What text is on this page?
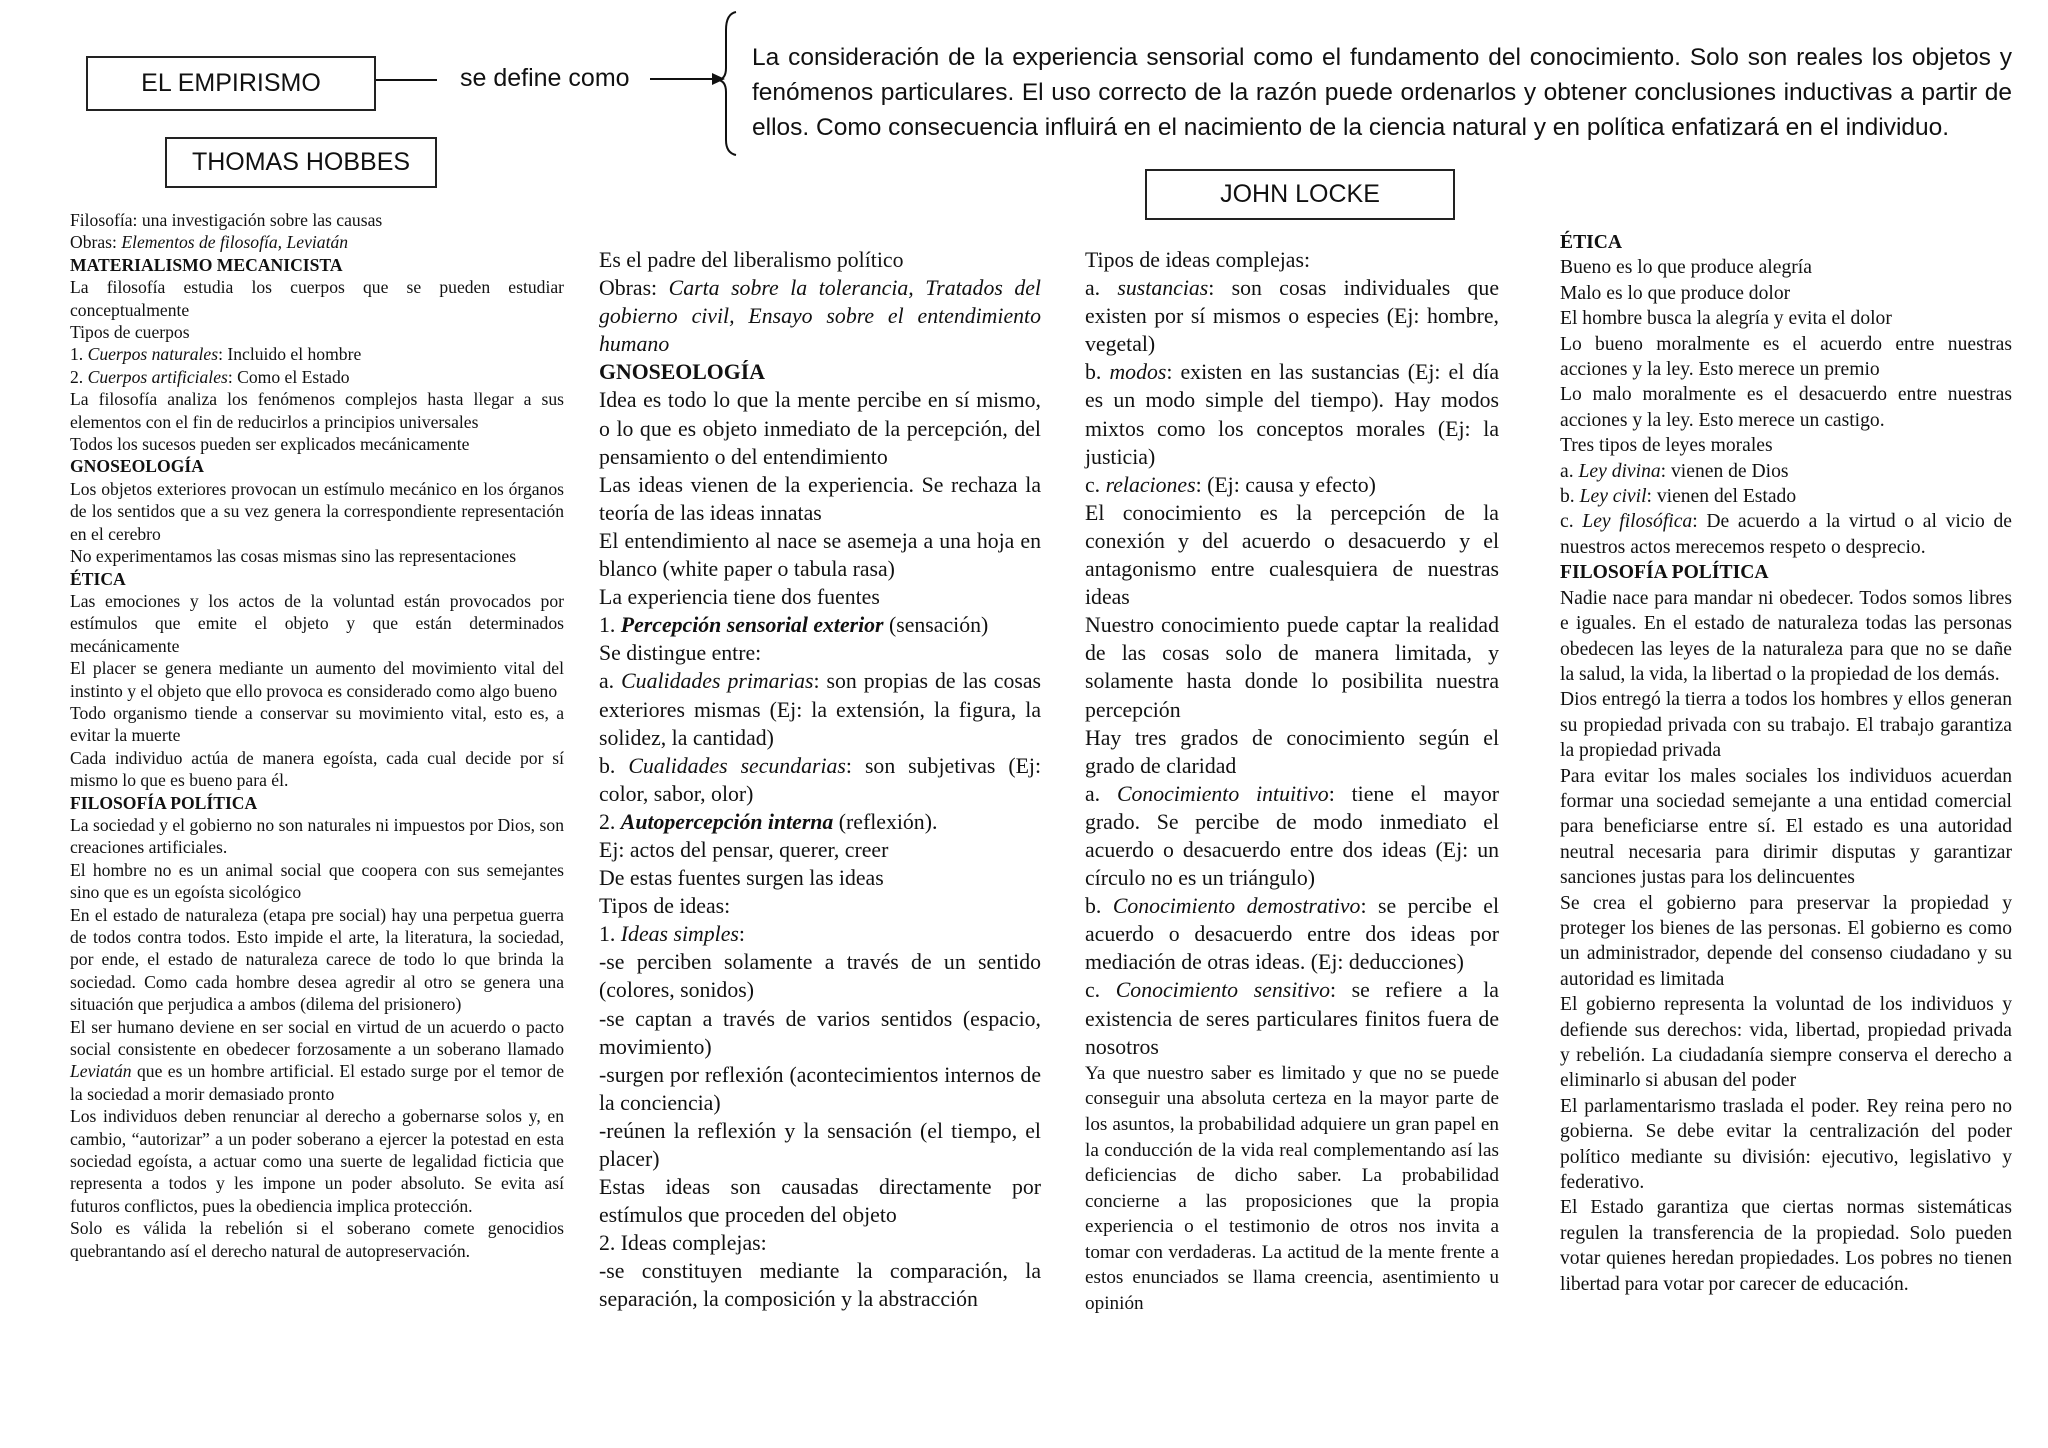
EL EMPIRISMO	se define como
La consideración de la experiencia sensorial como el fundamento del conocimiento. Solo son reales los objetos y fenómenos particulares. El uso correcto de la razón puede ordenarlos y obtener conclusiones inductivas a partir de ellos. Como consecuencia influirá en el nacimiento de la ciencia natural y en política enfatizará en el individuo.
THOMAS HOBBES
JOHN LOCKE

Filosofía: una investigación sobre las causas

Obras: Elementos de filosofía, Leviatán

MATERIALISMO MECANICISTA

La filosofía estudia los cuerpos que se pueden estudiar conceptualmente

Tipos de cuerpos

1. Cuerpos naturales: Incluido el hombre

2. Cuerpos artificiales: Como el Estado

La filosofía analiza los fenómenos complejos hasta llegar a sus elementos con el fin de reducirlos a principios universales

Todos los sucesos pueden ser explicados mecánicamente

GNOSEOLOGÍA

Los objetos exteriores provocan un estímulo mecánico en los órganos de los sentidos que a su vez genera la correspondiente representación en el cerebro

No experimentamos las cosas mismas sino las representaciones

ÉTICA

Las emociones y los actos de la voluntad están provocados por estímulos que emite el objeto y que están determinados mecánicamente

El placer se genera mediante un aumento del movimiento vital del instinto y el objeto que ello provoca es considerado como algo bueno

Todo organismo tiende a conservar su movimiento vital, esto es, a evitar la muerte

Cada individuo actúa de manera egoísta, cada cual decide por sí mismo lo que es bueno para él.

FILOSOFÍA POLÍTICA

La sociedad y el gobierno no son naturales ni impuestos por Dios, son creaciones artificiales.

El hombre no es un animal social que coopera con sus semejantes sino que es un egoísta sicológico

En el estado de naturaleza (etapa pre social) hay una perpetua guerra de todos contra todos. Esto impide el arte, la literatura, la sociedad, por ende, el estado de naturaleza carece de todo lo que brinda la sociedad. Como cada hombre desea agredir al otro se genera una situación que perjudica a ambos (dilema del prisionero)

El ser humano deviene en ser social en virtud de un acuerdo o pacto social consistente en obedecer forzosamente a un soberano llamado Leviatán que es un hombre artificial. El estado surge por el temor de la sociedad a morir demasiado pronto

Los individuos deben renunciar al derecho a gobernarse solos y, en cambio, “autorizar” a un poder soberano a ejercer la potestad en esta sociedad egoísta, a actuar como una suerte de legalidad ficticia que representa a todos y les impone un poder absoluto. Se evita así futuros conflictos, pues la obediencia implica protección.

Solo es válida la rebelión si el soberano comete genocidios quebrantando así el derecho natural de autopreservación.

Es el padre del liberalismo político

Obras: Carta sobre la tolerancia, Tratados del gobierno civil, Ensayo sobre el entendimiento humano

GNOSEOLOGÍA

Idea es todo lo que la mente percibe en sí mismo, o lo que es objeto inmediato de la percepción, del pensamiento o del entendimiento

Las ideas vienen de la experiencia. Se rechaza la teoría de las ideas innatas

El entendimiento al nace se asemeja a una hoja en blanco (white paper o tabula rasa)

La experiencia tiene dos fuentes

1. Percepción sensorial exterior (sensación)

Se distingue entre:

a. Cualidades primarias: son propias de las cosas exteriores mismas (Ej: la extensión, la figura, la solidez, la cantidad)

b. Cualidades secundarias: son subjetivas (Ej: color, sabor, olor)

2. Autopercepción interna (reflexión).

Ej: actos del pensar, querer, creer

De estas fuentes surgen las ideas

Tipos de ideas:

1. Ideas simples:

-se perciben solamente a través de un sentido (colores, sonidos)

-se captan a través de varios sentidos (espacio, movimiento)

-surgen por reflexión (acontecimientos internos de la conciencia)

-reúnen la reflexión y la sensación (el tiempo, el placer)

Estas ideas son causadas directamente por estímulos que proceden del objeto

2. Ideas complejas:

-se constituyen mediante la comparación, la separación, la composición y la abstracción

Tipos de ideas complejas:

a. sustancias: son cosas individuales que existen por sí mismos o especies (Ej: hombre, vegetal)

b. modos: existen en las sustancias (Ej: el día es un modo simple del tiempo). Hay modos mixtos como los conceptos morales (Ej: la justicia)

c. relaciones: (Ej: causa y efecto)

El conocimiento es la percepción de la conexión y del acuerdo o desacuerdo y el antagonismo entre cualesquiera de nuestras ideas

Nuestro conocimiento puede captar la realidad de las cosas solo de manera limitada, y solamente hasta donde lo posibilita nuestra percepción

Hay tres grados de conocimiento según el grado de claridad

a. Conocimiento intuitivo: tiene el mayor grado. Se percibe de modo inmediato el acuerdo o desacuerdo entre dos ideas (Ej: un círculo no es un triángulo)

b. Conocimiento demostrativo: se percibe el acuerdo o desacuerdo entre dos ideas por mediación de otras ideas. (Ej: deducciones)

c. Conocimiento sensitivo: se refiere a la existencia de seres particulares finitos fuera de nosotros

Ya que nuestro saber es limitado y que no se puede conseguir una absoluta certeza en la mayor parte de los asuntos, la probabilidad adquiere un gran papel en la conducción de la vida real complementando así las deficiencias de dicho saber. La probabilidad concierne a las proposiciones que la propia experiencia o el testimonio de otros nos invita a tomar con verdaderas. La actitud de la mente frente a estos enunciados se llama creencia, asentimiento u opinión

ÉTICA

Bueno es lo que produce alegría

Malo es lo que produce dolor

El hombre busca la alegría y evita el dolor

Lo bueno moralmente es el acuerdo entre nuestras acciones y la ley. Esto merece un premio

Lo malo moralmente es el desacuerdo entre nuestras acciones y la ley. Esto merece un castigo.

Tres tipos de leyes morales

a. Ley divina: vienen de Dios

b. Ley civil: vienen del Estado

c. Ley filosófica: De acuerdo a la virtud o al vicio de nuestros actos merecemos respeto o desprecio.

FILOSOFÍA POLÍTICA

Nadie nace para mandar ni obedecer. Todos somos libres e iguales. En el estado de naturaleza todas las personas obedecen las leyes de la naturaleza para que no se dañe la salud, la vida, la libertad o la propiedad de los demás.

Dios entregó la tierra a todos los hombres y ellos generan su propiedad privada con su trabajo. El trabajo garantiza la propiedad privada

Para evitar los males sociales los individuos acuerdan formar una sociedad semejante a una entidad comercial para beneficiarse entre sí. El estado es una autoridad neutral necesaria para dirimir disputas y garantizar sanciones justas para los delincuentes

Se crea el gobierno para preservar la propiedad y proteger los bienes de las personas. El gobierno es como un administrador, depende del consenso ciudadano y su autoridad es limitada

El gobierno representa la voluntad de los individuos y defiende sus derechos: vida, libertad, propiedad privada y rebelión. La ciudadanía siempre conserva el derecho a eliminarlo si abusan del poder

El parlamentarismo traslada el poder. Rey reina pero no gobierna. Se debe evitar la centralización del poder político mediante su división: ejecutivo, legislativo y federativo.

El Estado garantiza que ciertas normas sistemáticas regulen la transferencia de la propiedad. Solo pueden votar quienes heredan propiedades. Los pobres no tienen libertad para votar por carecer de educación.
